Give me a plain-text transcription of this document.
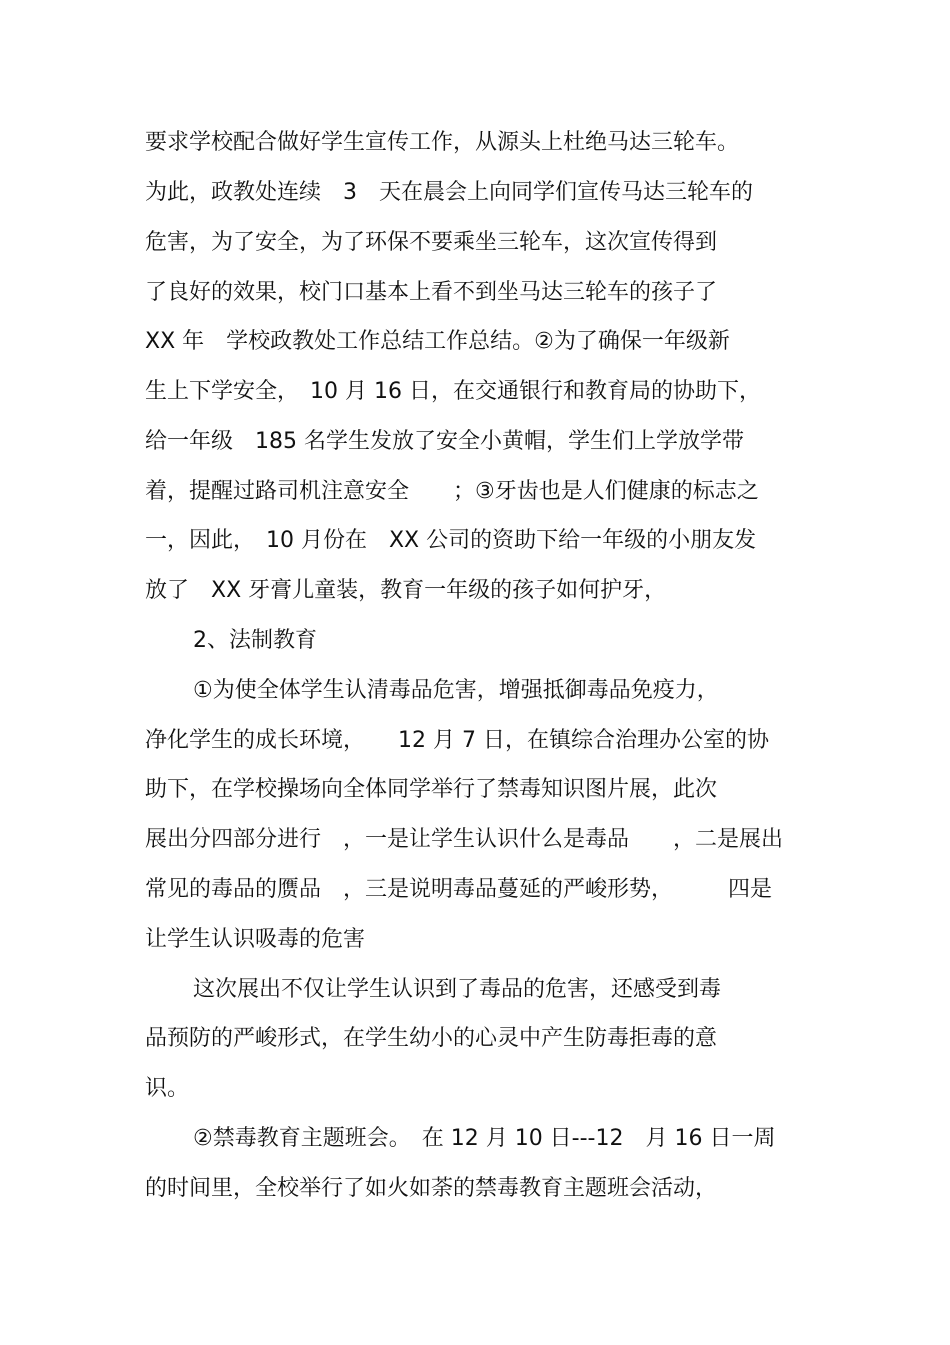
要求学校配合做好学生宣传工作，从源头上杜绝马达三轮车。
为此，政教处连续　3　天在晨会上向同学们宣传马达三轮车的
危害，为了安全，为了环保不要乘坐三轮车，这次宣传得到
了良好的效果，校门口基本上看不到坐马达三轮车的孩子了
XX 年　学校政教处工作总结工作总结。②为了确保一年级新
生上下学安全，　10 月 16 日，在交通银行和教育局的协助下，
给一年级　185 名学生发放了安全小黄帽，学生们上学放学带
着，提醒过路司机注意安全　　；③牙齿也是人们健康的标志之
一，因此，　10 月份在　XX 公司的资助下给一年级的小朋友发
放了　XX 牙膏儿童装，教育一年级的孩子如何护牙，
2、法制教育
①为使全体学生认清毒品危害，增强抵御毒品免疫力，
净化学生的成长环境，　　12 月 7 日，在镇综合治理办公室的协
助下，在学校操场向全体同学举行了禁毒知识图片展，此次
展出分四部分进行　，一是让学生认识什么是毒品　　，二是展出
常见的毒品的赝品　，三是说明毒品蔓延的严峻形势，　　　四是
让学生认识吸毒的危害
这次展出不仅让学生认识到了毒品的危害，还感受到毒
品预防的严峻形式，在学生幼小的心灵中产生防毒拒毒的意
识。
②禁毒教育主题班会。　在 12 月 10 日---12　月 16 日一周
的时间里，全校举行了如火如荼的禁毒教育主题班会活动，
